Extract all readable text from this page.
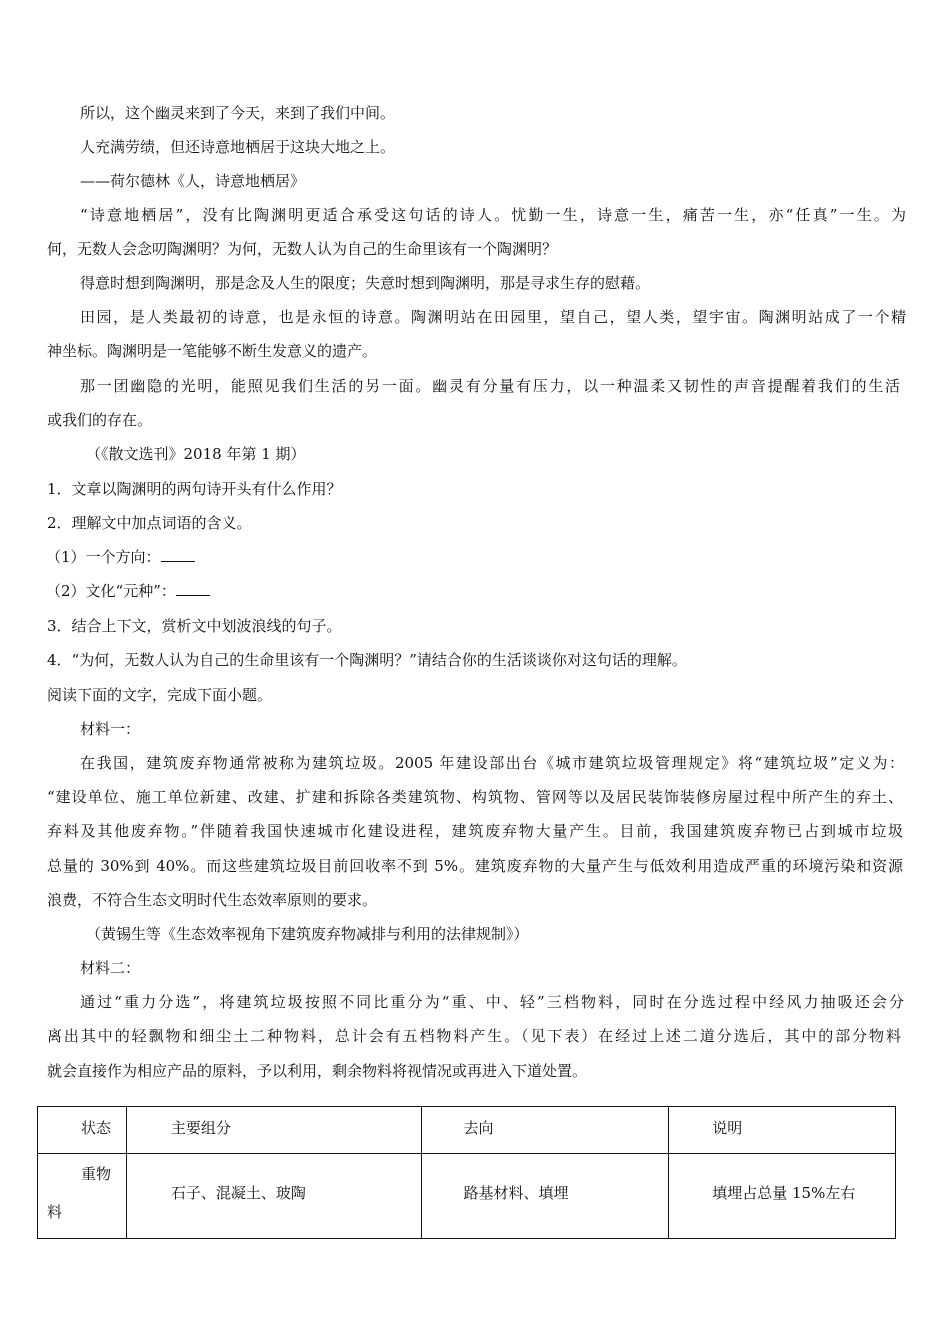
所以，这个幽灵来到了今天，来到了我们中间。
人充满劳绩，但还诗意地栖居于这块大地之上。
——荷尔德林《人，诗意地栖居》
“诗意地栖居”，没有比陶渊明更适合承受这句话的诗人。忧勤一生，诗意一生，痛苦一生，亦“任真”一生。为
何，无数人会念叨陶渊明？为何，无数人认为自己的生命里该有一个陶渊明？
得意时想到陶渊明，那是念及人生的限度；失意时想到陶渊明，那是寻求生存的慰藉。
田园，是人类最初的诗意，也是永恒的诗意。陶渊明站在田园里，望自己，望人类，望宇宙。陶渊明站成了一个精
神坐标。陶渊明是一笔能够不断生发意义的遗产。
那一团幽隐的光明，能照见我们生活的另一面。幽灵有分量有压力，以一种温柔又韧性的声音提醒着我们的生活
或我们的存在。
（《散文选刊》2018 年第 1 期）
1．文章以陶渊明的两句诗开头有什么作用？
2．理解文中加点词语的含义。
（1）一个方向：
（2）文化“元种”：
3．结合上下文，赏析文中划波浪线的句子。
4．“为何，无数人认为自己的生命里该有一个陶渊明？”请结合你的生活谈谈你对这句话的理解。
阅读下面的文字，完成下面小题。
材料一：
在我国，建筑废弃物通常被称为建筑垃圾。2005 年建设部出台《城市建筑垃圾管理规定》将“建筑垃圾”定义为：
“建设单位、施工单位新建、改建、扩建和拆除各类建筑物、构筑物、管网等以及居民装饰装修房屋过程中所产生的弃土、
弃料及其他废弃物。”伴随着我国快速城市化建设进程，建筑废弃物大量产生。目前，我国建筑废弃物已占到城市垃圾
总量的 30%到 40%。而这些建筑垃圾目前回收率不到 5%。建筑废弃物的大量产生与低效利用造成严重的环境污染和资源
浪费，不符合生态文明时代生态效率原则的要求。
（黄锡生等《生态效率视角下建筑废弃物减排与利用的法律规制》）
材料二：
通过“重力分选”，将建筑垃圾按照不同比重分为“重、中、轻”三档物料，同时在分选过程中经风力抽吸还会分
离出其中的轻飘物和细尘土二种物料，总计会有五档物料产生。（见下表）在经过上述二道分选后，其中的部分物料
就会直接作为相应产品的原料，予以利用，剩余物料将视情况或再进入下道处置。
状态	主要组分	去向	说明

重物
料	石子、混凝土、玻陶	路基材料、填埋	填埋占总量 15%左右
